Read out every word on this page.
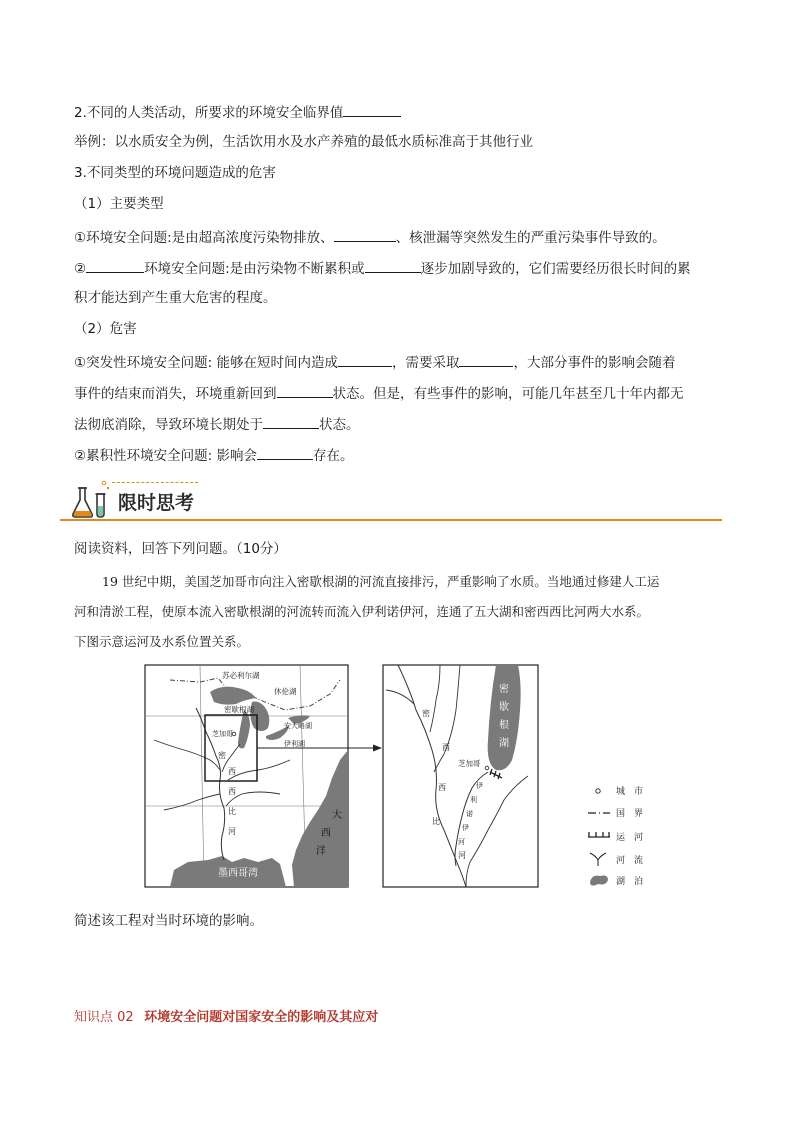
2.不同的人类活动，所要求的环境安全临界值
举例：以水质安全为例，生活饮用水及水产养殖的最低水质标准高于其他行业
3.不同类型的环境问题造成的危害
（1）主要类型
①环境安全问题:是由超高浓度污染物排放、	、核泄漏等突然发生的严重污染事件导致的。
②	环境安全问题:是由污染物不断累积或	逐步加剧导致的，它们需要经历很长时间的累
积才能达到产生重大危害的程度。
（2）危害
①突发性环境安全问题: 能够在短时间内造成	，需要采取	，大部分事件的影响会随着
事件的结束而消失，环境重新回到	状态。但是，有些事件的影响，可能几年甚至几十年内都无
法彻底消除，导致环境长期处于	状态。
②累积性环境安全问题: 影响会	存在。
限时思考
阅读资料，回答下列问题。（10分）
19 世纪中期，美国芝加哥市向注入密歇根湖的河流直接排污，严重影响了水质。当地通过修建人工运
河和清淤工程，使原本流入密歇根湖的河流转而流入伊利诺伊河，连通了五大湖和密西西比河两大水系。
下图示意运河及水系位置关系。
苏必利尔湖
休伦湖
密歇根湖
安大略湖
伊利湖
芝加哥
密
西
西
比
河
墨西哥湾
大
西
洋
密
歇
根
湖
芝加哥
密
西
西
比
河
伊
利
诺
伊
河
城　市
国　界
运　河
河　流
湖　泊
简述该工程对当时环境的影响。
知识点 02 环境安全问题对国家安全的影响及其应对
